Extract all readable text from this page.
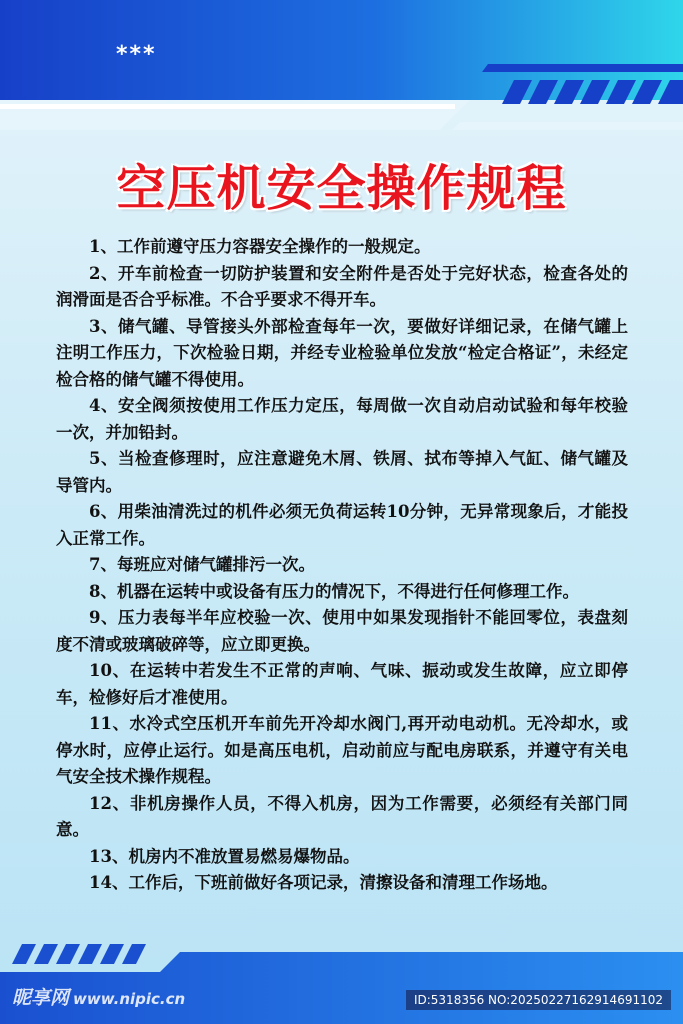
***
空压机安全操作规程
1、工作前遵守压力容器安全操作的一般规定。
2、开车前检查一切防护装置和安全附件是否处于完好状态，检查各处的润滑面是否合乎标准。不合乎要求不得开车。
3、储气罐、导管接头外部检查每年一次，要做好详细记录，在储气罐上注明工作压力，下次检验日期，并经专业检验单位发放“检定合格证”，未经定检合格的储气罐不得使用。
4、安全阀须按使用工作压力定压，每周做一次自动启动试验和每年校验一次，并加铅封。
5、当检查修理时，应注意避免木屑、铁屑、拭布等掉入气缸、储气罐及导管内。
6、用柴油清洗过的机件必须无负荷运转10分钟，无异常现象后，才能投入正常工作。
7、每班应对储气罐排污一次。
8、机器在运转中或设备有压力的情况下，不得进行任何修理工作。
9、压力表每半年应校验一次、使用中如果发现指针不能回零位，表盘刻度不清或玻璃破碎等，应立即更换。
10、在运转中若发生不正常的声响、气味、振动或发生故障，应立即停车，检修好后才准使用。
11、水冷式空压机开车前先开冷却水阀门,再开动电动机。无冷却水，或停水时，应停止运行。如是高压电机，启动前应与配电房联系，并遵守有关电气安全技术操作规程。
12、非机房操作人员，不得入机房，因为工作需要，必须经有关部门同意。
13、机房内不准放置易燃易爆物品。
14、工作后，下班前做好各项记录，清擦设备和清理工作场地。
昵享网 www.nipic.cn	ID:5318356 NO:20250227162914691102
